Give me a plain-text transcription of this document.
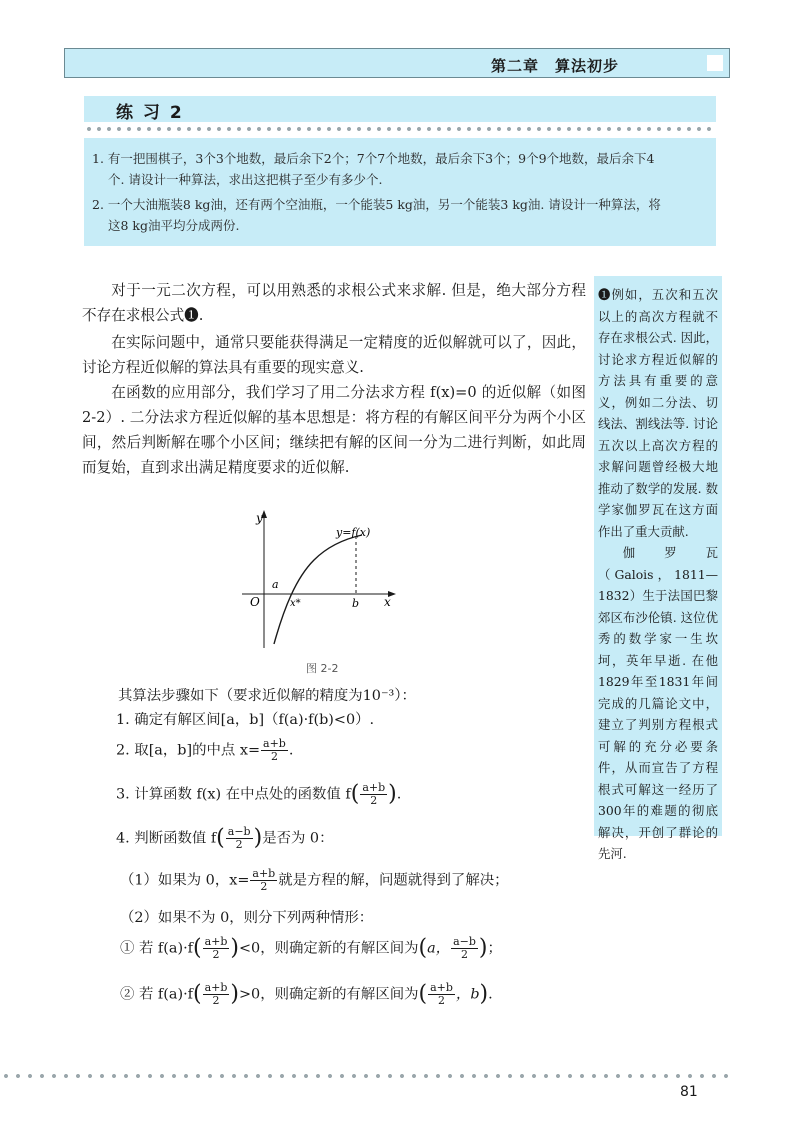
第二章　算法初步
练 习 2
1. 有一把围棋子，3个3个地数，最后余下2个；7个7个地数，最后余下3个；9个9个地数，最后余下4
个. 请设计一种算法，求出这把棋子至少有多少个.
2. 一个大油瓶装8 kg油，还有两个空油瓶，一个能装5 kg油，另一个能装3 kg油. 请设计一种算法，将
这8 kg油平均分成两份.
对于一元二次方程，可以用熟悉的求根公式来求解. 但是，绝大部分方程不存在求根公式❶.
在实际问题中，通常只要能获得满足一定精度的近似解就可以了，因此，讨论方程近似解的算法具有重要的现实意义.
在函数的应用部分，我们学习了用二分法求方程 f(x)=0 的近似解（如图 2-2）. 二分法求方程近似解的基本思想是：将方程的有解区间平分为两个小区间，然后判断解在哪个小区间；继续把有解的区间一分为二进行判断，如此周而复始，直到求出满足精度要求的近似解.
❶例如，五次和五次以上的高次方程就不存在求根公式. 因此，讨论求方程近似解的方法具有重要的意义，例如二分法、切线法、割线法等. 讨论五次以上高次方程的求解问题曾经极大地推动了数学的发展. 数学家伽罗瓦在这方面作出了重大贡献.
伽罗瓦（Galois，1811—1832）生于法国巴黎郊区布沙伦镇. 这位优秀的数学家一生坎坷，英年早逝. 在他1829年至1831年间完成的几篇论文中，建立了判别方程根式可解的充分必要条件，从而宣告了方程根式可解这一经历了300年的难题的彻底解决，开创了群论的先河.
y
x
O
a
b
x*
y=f(x)
图 2-2
其算法步骤如下（要求近似解的精度为10⁻³）：
1. 确定有解区间[a，b]（f(a)·f(b)<0）.
2. 取[a，b]的中点 $x= \frac{a+b}{2}$ .
3. 计算函数 f(x) 在中点处的函数值 $f( \frac{a+b}{2}$ ).
4. 判断函数值 $f( \frac{a-b}{2}$ )是否为 0：
（1）如果为 0，$x= \frac{a+b}{2}$ 就是方程的解，问题就得到了解决；
（2）如果不为 0，则分下列两种情形：
① 若 $f(a)\cdot f( \frac{a+b}{2} )<0$，则确定新的有解区间为(a， $\frac{a-b}{2}$ )；
② 若 $f(a)\cdot f( \frac{a+b}{2} )>0$，则确定新的有解区间为( $\frac{a+b}{2}$ ，b).
81
